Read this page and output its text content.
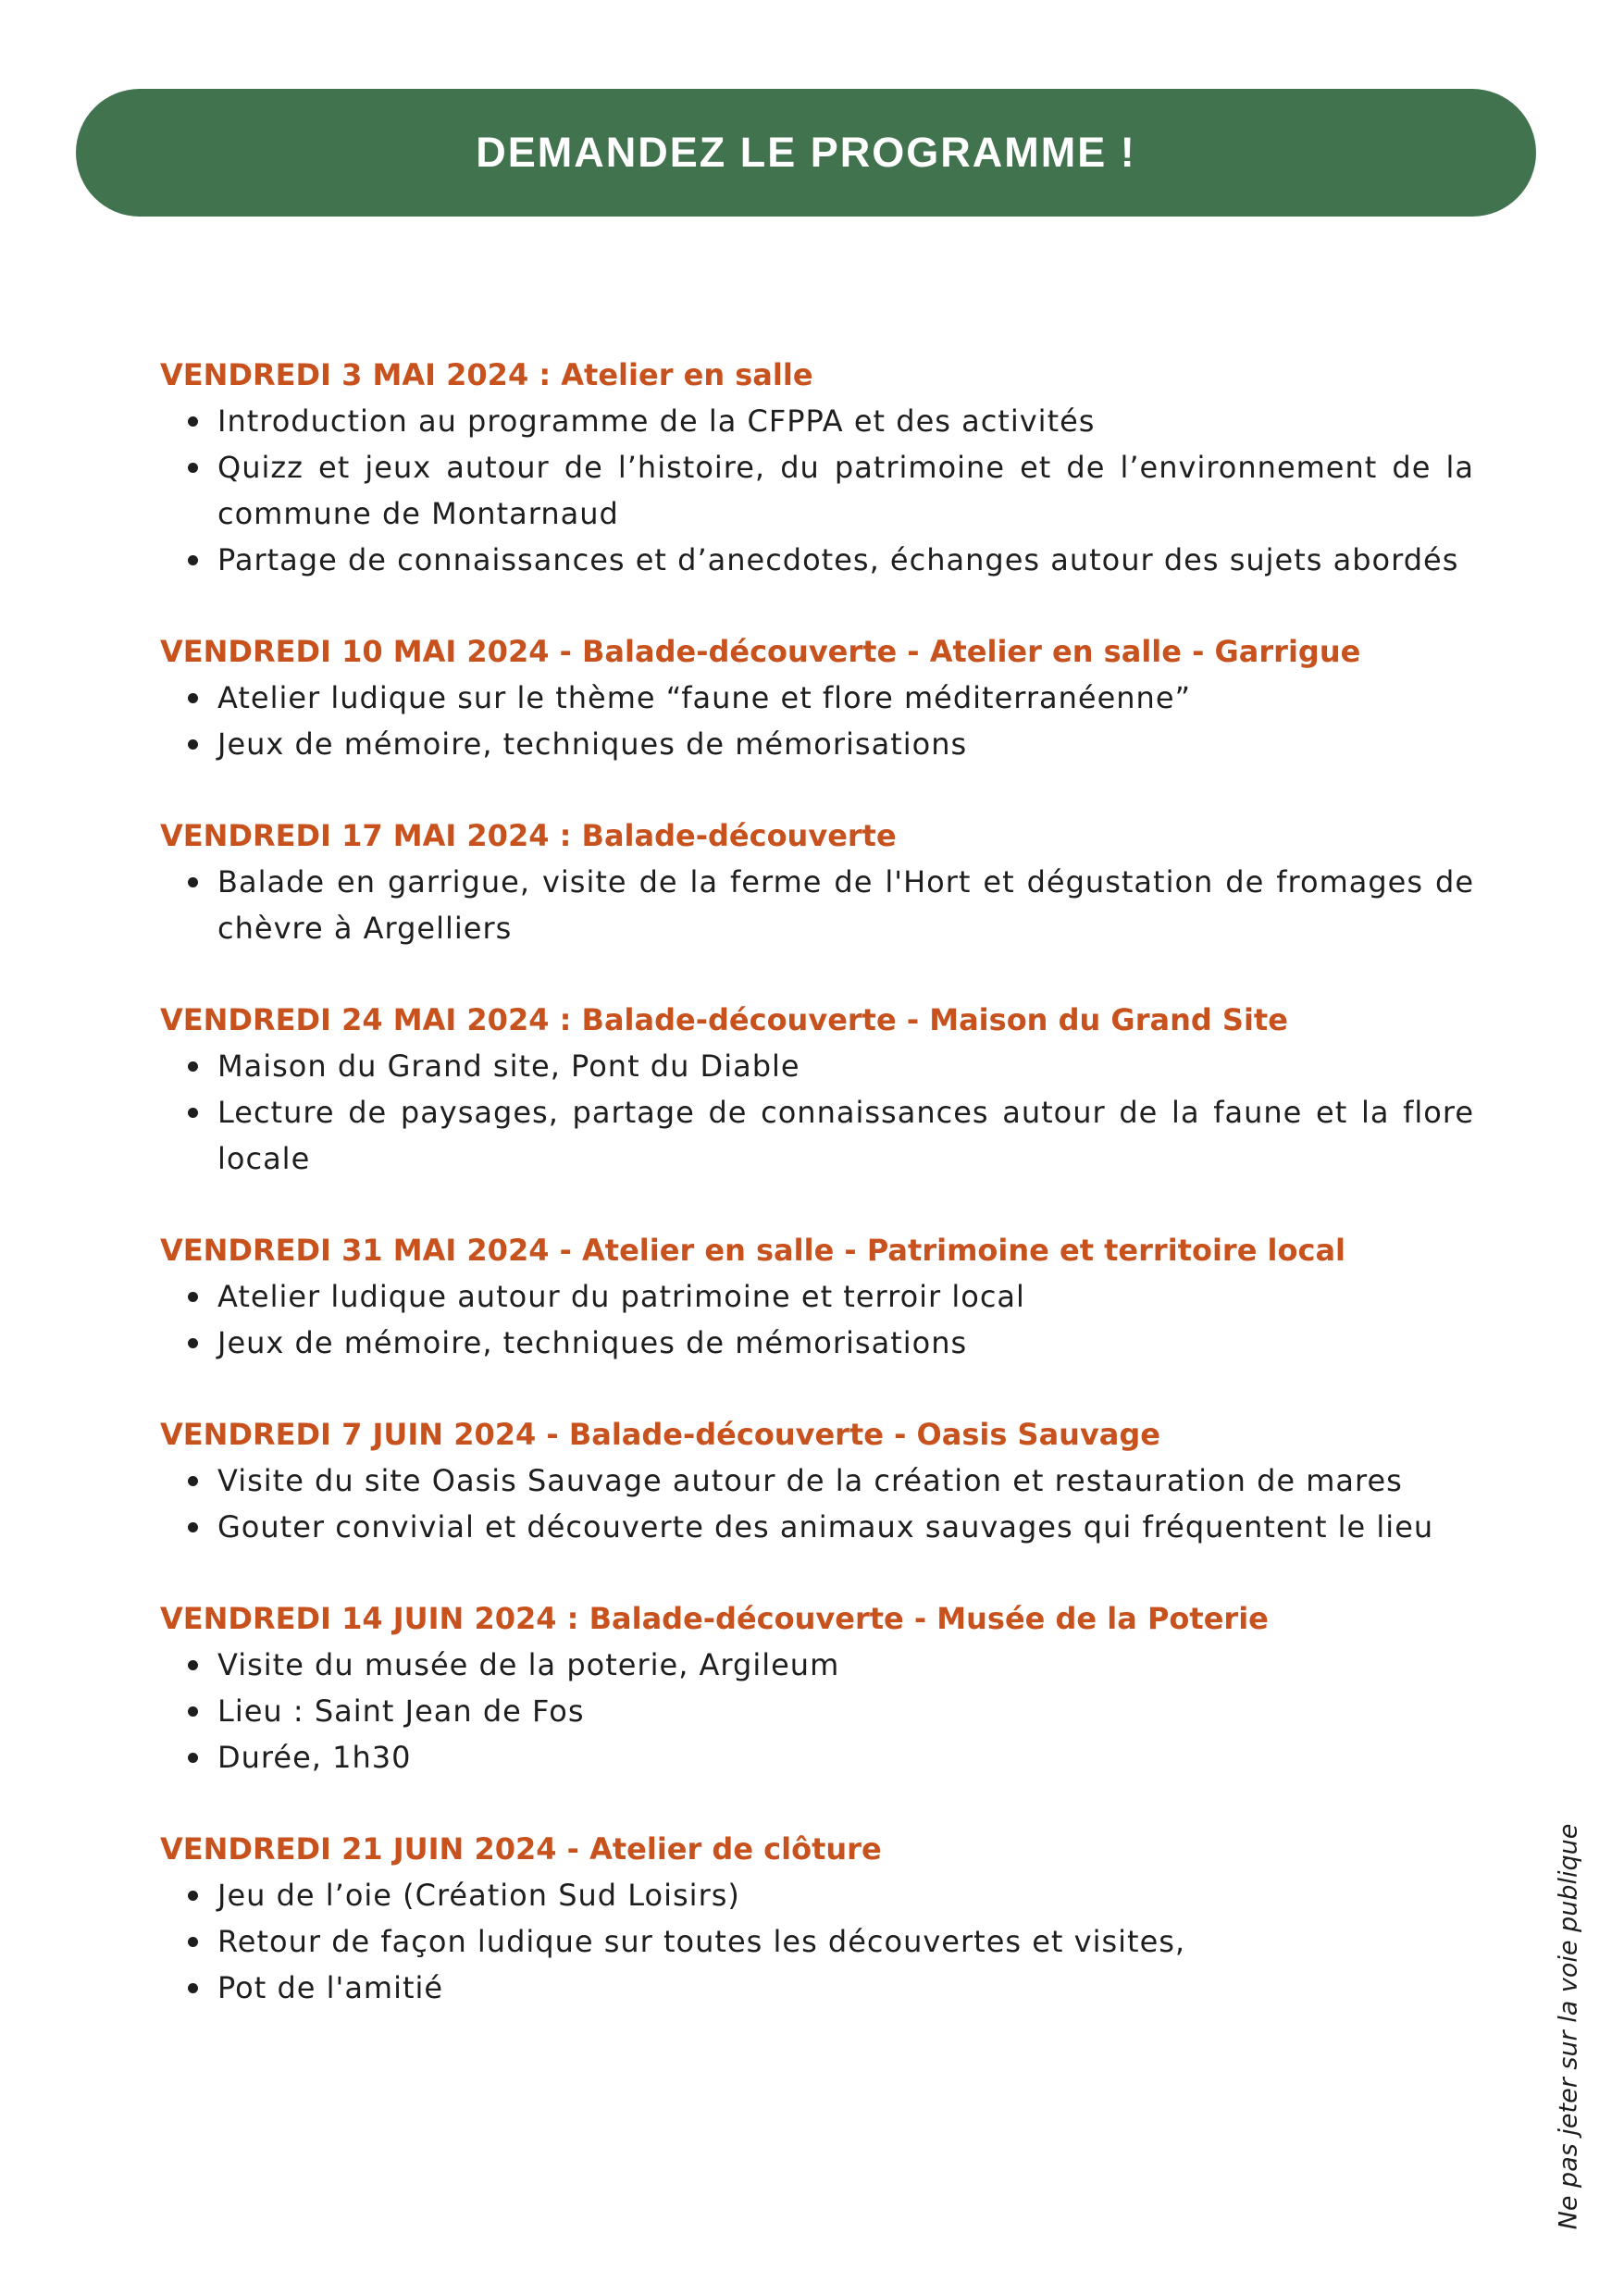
DEMANDEZ LE PROGRAMME !
VENDREDI 3 MAI 2024 : Atelier en salle
Introduction au programme de la CFPPA et des activités
Quizz et jeux autour de l’histoire, du patrimoine et de l’environnement de la commune de Montarnaud
Partage de connaissances et d’anecdotes, échanges autour des sujets abordés
VENDREDI 10 MAI 2024 - Balade-découverte - Atelier en salle - Garrigue
Atelier ludique sur le thème “faune et flore méditerranéenne”
Jeux de mémoire, techniques de mémorisations
VENDREDI 17 MAI 2024 : Balade-découverte
Balade en garrigue, visite de la ferme de l'Hort et dégustation de fromages de chèvre à Argelliers
VENDREDI 24 MAI 2024 : Balade-découverte - Maison du Grand Site
Maison du Grand site, Pont du Diable
Lecture de paysages, partage de connaissances autour de la faune et la flore locale
VENDREDI 31 MAI 2024 - Atelier en salle - Patrimoine et territoire local
Atelier ludique autour du patrimoine et terroir local
Jeux de mémoire, techniques de mémorisations
VENDREDI 7 JUIN 2024 - Balade-découverte - Oasis Sauvage
Visite du site Oasis Sauvage autour de la création et restauration de mares
Gouter convivial et découverte des animaux sauvages qui fréquentent le lieu
VENDREDI 14 JUIN 2024 : Balade-découverte - Musée de la Poterie
Visite du musée de la poterie, Argileum
Lieu : Saint Jean de Fos
Durée, 1h30
VENDREDI 21 JUIN 2024 - Atelier de clôture
Jeu de l’oie (Création Sud Loisirs)
Retour de façon ludique sur toutes les découvertes et visites,
Pot de l'amitié	Ne pas jeter sur la voie publique
